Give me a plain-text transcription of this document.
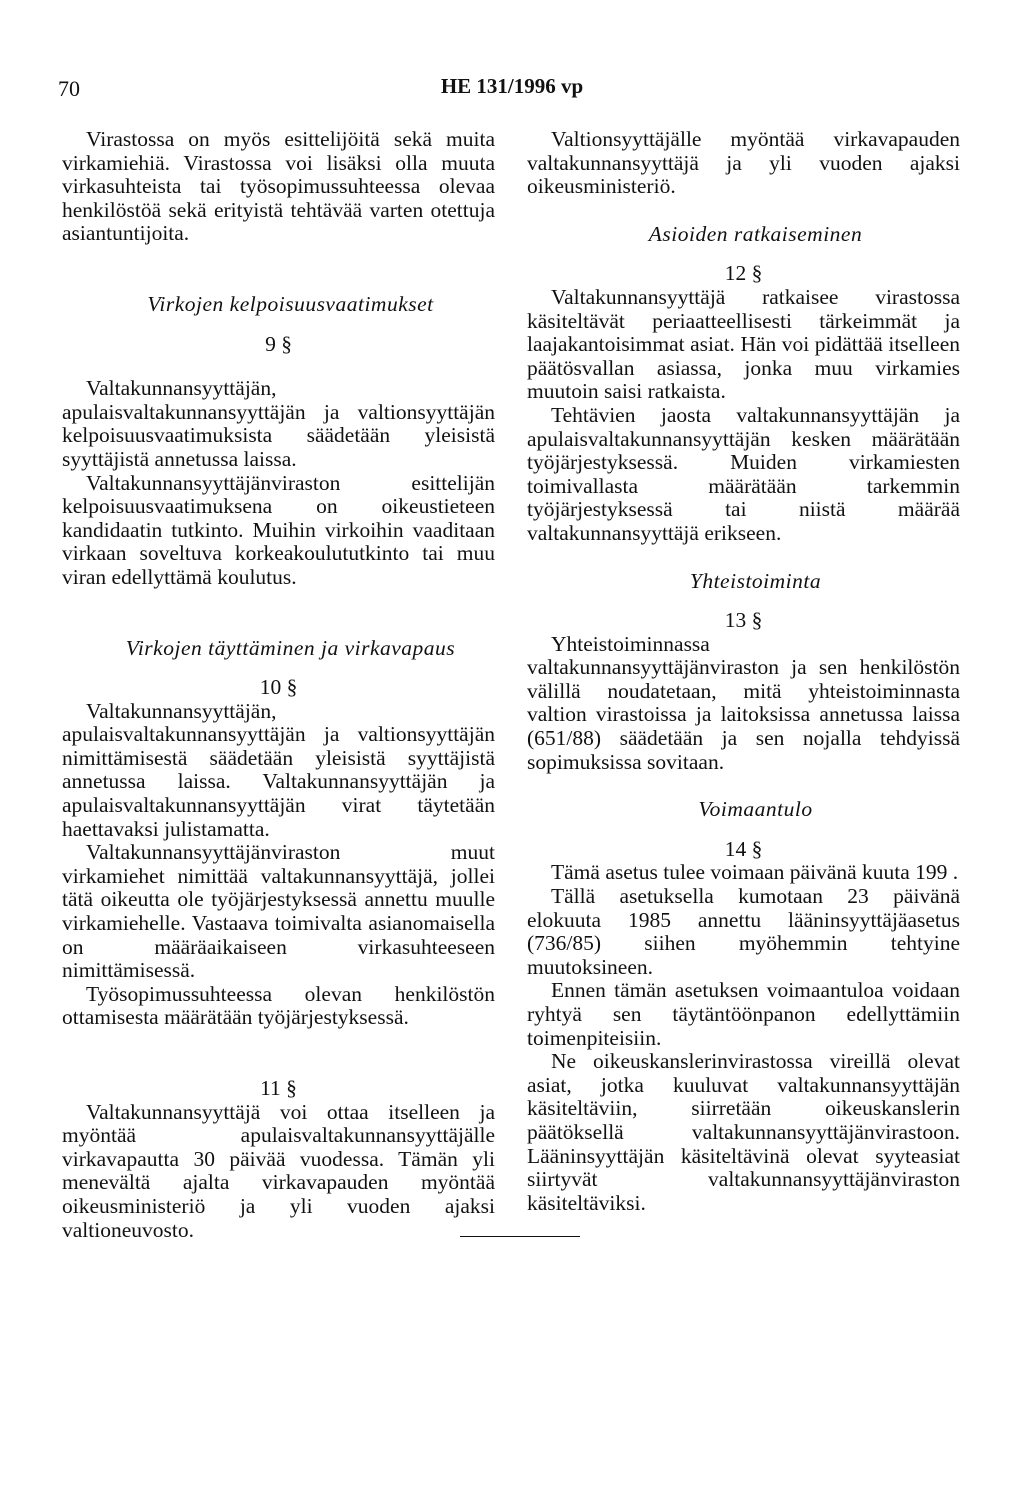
70	HE 131/1996 vp

Virastossa on myös esittelijöitä sekä muita virkamiehiä. Virastossa voi lisäksi olla muuta virkasuhteista tai työsopimussuhteessa olevaa henkilöstöä sekä erityistä tehtävää varten otettuja asiantuntijoita.

Virkojen kelpoisuusvaatimukset

9 §

Valtakunnansyyttäjän, apulaisvaltakunnansyyttäjän ja valtionsyyttäjän kelpoisuusvaatimuksista säädetään yleisistä syyttäjistä annetussa laissa.

Valtakunnansyyttäjänviraston esittelijän kelpoisuusvaatimuksena on oikeustieteen kandidaatin tutkinto. Muihin virkoihin vaaditaan virkaan soveltuva korkeakoulututkinto tai muu viran edellyttämä koulutus.

Virkojen täyttäminen ja virkavapaus

10 §

Valtakunnansyyttäjän, apulaisvaltakunnansyyttäjän ja valtionsyyttäjän nimittämisestä säädetään yleisistä syyttäjistä annetussa laissa. Valtakunnansyyttäjän ja apulaisvaltakunnansyyttäjän virat täytetään haettavaksi julistamatta.

Valtakunnansyyttäjänviraston muut virkamiehet nimittää valtakunnansyyttäjä, jollei tätä oikeutta ole työjärjestyksessä annettu muulle virkamiehelle. Vastaava toimivalta asianomaisella on määräaikaiseen virkasuhteeseen nimittämisessä.

Työsopimussuhteessa olevan henkilöstön ottamisesta määrätään työjärjestyksessä.

11 §

Valtakunnansyyttäjä voi ottaa itselleen ja myöntää apulaisvaltakunnansyyttäjälle virkavapautta 30 päivää vuodessa. Tämän yli menevältä ajalta virkavapauden myöntää oikeusministeriö ja yli vuoden ajaksi valtioneuvosto.

Valtionsyyttäjälle myöntää virkavapauden valtakunnansyyttäjä ja yli vuoden ajaksi oikeusministeriö.

Asioiden ratkaiseminen

12 §

Valtakunnansyyttäjä ratkaisee virastossa käsiteltävät periaatteellisesti tärkeimmät ja laajakantoisimmat asiat. Hän voi pidättää itselleen päätösvallan asiassa, jonka muu virkamies muutoin saisi ratkaista.

Tehtävien jaosta valtakunnansyyttäjän ja apulaisvaltakunnansyyttäjän kesken määrätään työjärjestyksessä. Muiden virkamiesten toimivallasta määrätään tarkemmin työjärjestyksessä tai niistä määrää valtakunnansyyttäjä erikseen.

Yhteistoiminta

13 §

Yhteistoiminnassa valtakunnansyyttäjänviraston ja sen henkilöstön välillä noudatetaan, mitä yhteistoiminnasta valtion virastoissa ja laitoksissa annetussa laissa (651/88) säädetään ja sen nojalla tehdyissä sopimuksissa sovitaan.

Voimaantulo

14 §

Tämä asetus tulee voimaan päivänä kuuta 199 .

Tällä asetuksella kumotaan 23 päivänä elokuuta 1985 annettu lääninsyyttäjäasetus (736/85) siihen myöhemmin tehtyine muutoksineen.

Ennen tämän asetuksen voimaantuloa voidaan ryhtyä sen täytäntöönpanon edellyttämiin toimenpiteisiin.

Ne oikeuskanslerinvirastossa vireillä olevat asiat, jotka kuuluvat valtakunnansyyttäjän käsiteltäviin, siirretään oikeuskanslerin päätöksellä valtakunnansyyttäjänvirastoon. Lääninsyyttäjän käsiteltävinä olevat syyteasiat siirtyvät valtakunnansyyttäjänviraston käsiteltäviksi.
